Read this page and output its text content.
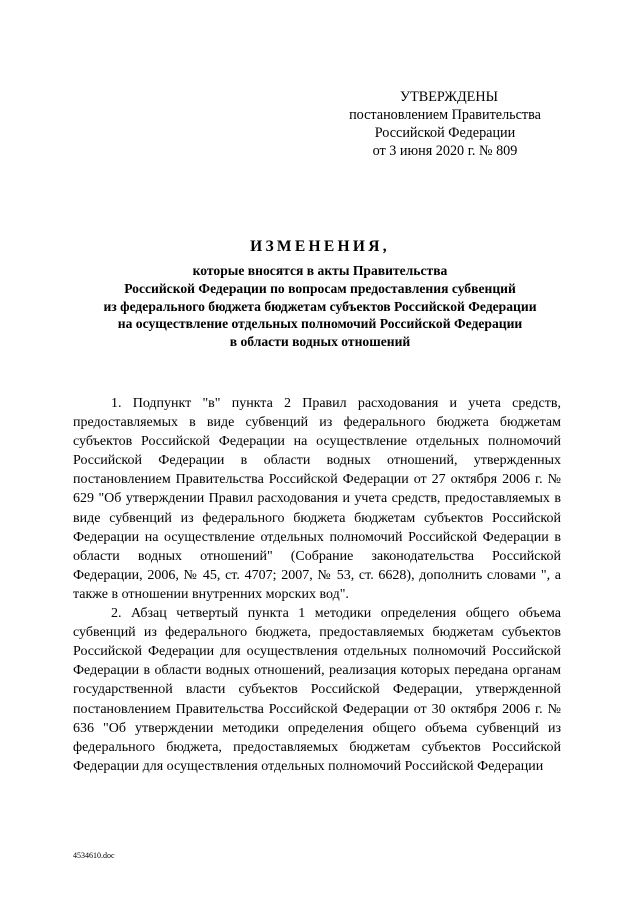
УТВЕРЖДЕНЫ
постановлением Правительства
Российской Федерации
от 3 июня 2020 г. № 809
ИЗМЕНЕНИЯ,
которые вносятся в акты Правительства
Российской Федерации по вопросам предоставления субвенций
из федерального бюджета бюджетам субъектов Российской Федерации
на осуществление отдельных полномочий Российской Федерации
в области водных отношений

1. Подпункт "в" пункта 2 Правил расходования и учета средств, предоставляемых в виде субвенций из федерального бюджета бюджетам субъектов Российской Федерации на осуществление отдельных полномочий Российской Федерации в области водных отношений, утвержденных постановлением Правительства Российской Федерации от 27 октября 2006 г. № 629 "Об утверждении Правил расходования и учета средств, предоставляемых в виде субвенций из федерального бюджета бюджетам субъектов Российской Федерации на осуществление отдельных полномочий Российской Федерации в области водных отношений" (Собрание законодательства Российской Федерации, 2006, № 45, ст. 4707; 2007, № 53, ст. 6628), дополнить словами ", а также в отношении внутренних морских вод".

2. Абзац четвертый пункта 1 методики определения общего объема субвенций из федерального бюджета, предоставляемых бюджетам субъектов Российской Федерации для осуществления отдельных полномочий Российской Федерации в области водных отношений, реализация которых передана органам государственной власти субъектов Российской Федерации, утвержденной постановлением Правительства Российской Федерации от 30 октября 2006 г. № 636 "Об утверждении методики определения общего объема субвенций из федерального бюджета, предоставляемых бюджетам субъектов Российской Федерации для осуществления отдельных полномочий Российской Федерации

4534610.doc
